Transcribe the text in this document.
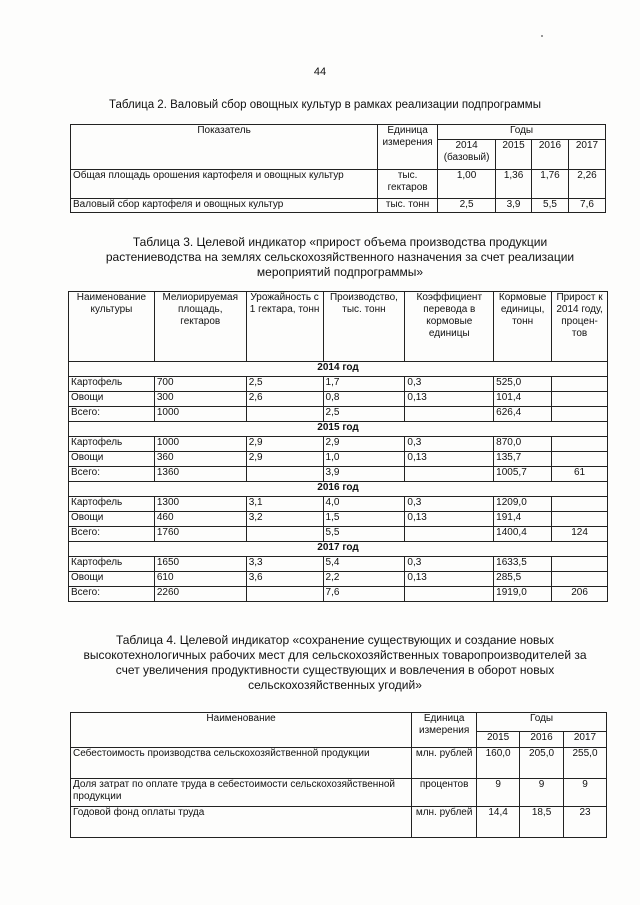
44
Таблица 2. Валовый сбор овощных культур в рамках реализации подпрограммы
Показатель	Единица измерения	Годы			
		2014 (базовый)	2015	2016	2017
Общая площадь орошения картофеля и овощных культур	тыс. гектаров	1,00	1,36	1,76	2,26
Валовый сбор картофеля и овощных культур	тыс. тонн	2,5	3,9	5,5	7,6
Таблица 3. Целевой индикатор «прирост объема производства продукции растениеводства на землях сельскохозяйственного назначения за счет реализации мероприятий подпрограммы»
Наименование культуры	Мелиорируемая площадь, гектаров	Урожайность с 1 гектара, тонн	Производство, тыс. тонн	Коэффициент перевода в кормовые единицы	Кормовые единицы, тонн	Прирост к 2014 году, процен-тов
2014 год						
Картофель	700	2,5	1,7	0,3	525,0	
Овощи	300	2,6	0,8	0,13	101,4	
Всего:	1000		2,5		626,4	
2015 год						
Картофель	1000	2,9	2,9	0,3	870,0	
Овощи	360	2,9	1,0	0,13	135,7	
Всего:	1360		3,9		1005,7	61
2016 год						
Картофель	1300	3,1	4,0	0,3	1209,0	
Овощи	460	3,2	1,5	0,13	191,4	
Всего:	1760		5,5		1400,4	124
2017 год						
Картофель	1650	3,3	5,4	0,3	1633,5	
Овощи	610	3,6	2,2	0,13	285,5	
Всего:	2260		7,6		1919,0	206
Таблица 4. Целевой индикатор «сохранение существующих и создание новых высокотехнологичных рабочих мест для сельскохозяйственных товаропроизводителей за счет увеличения продуктивности существующих и вовлечения в оборот новых сельскохозяйственных угодий»
Наименование	Единица измерения	Годы		
		2015	2016	2017
Себестоимость производства сельскохозяйственной продукции	млн. рублей	160,0	205,0	255,0
Доля затрат по оплате труда в себестоимости сельскохозяйственной продукции	процентов	9	9	9
Годовой фонд оплаты труда	млн. рублей	14,4	18,5	23
